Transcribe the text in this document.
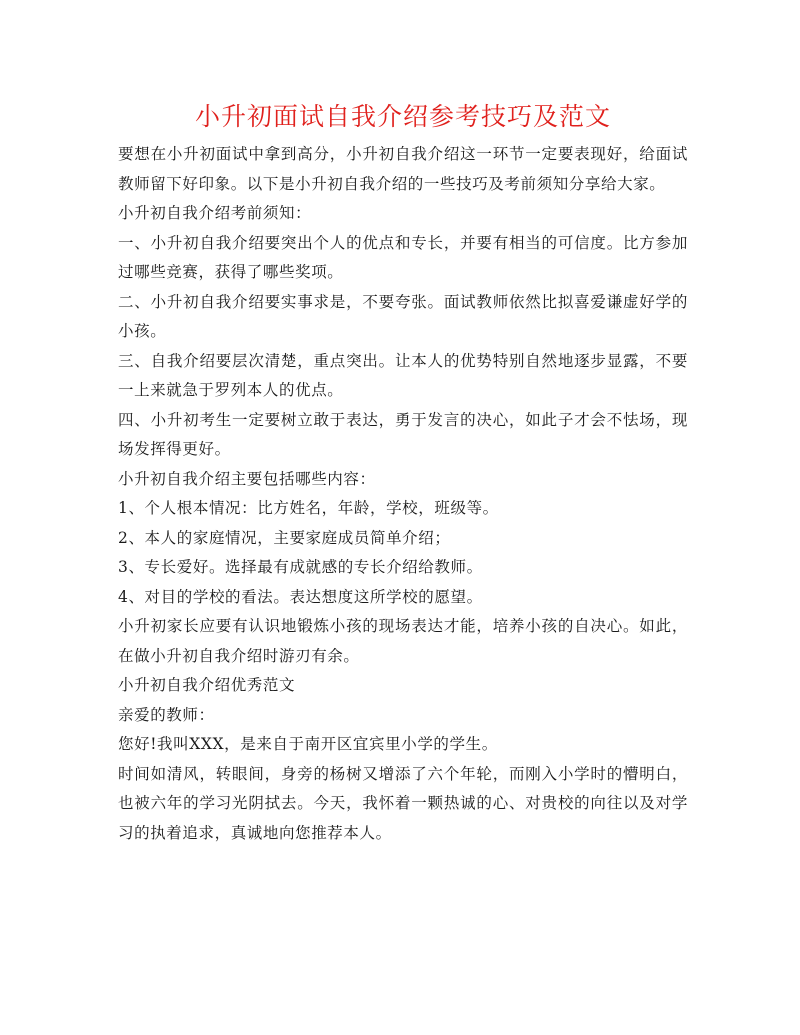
小升初面试自我介绍参考技巧及范文

要想在小升初面试中拿到高分，小升初自我介绍这一环节一定要表现好，给面试教师留下好印象。以下是小升初自我介绍的一些技巧及考前须知分享给大家。

小升初自我介绍考前须知：

一、小升初自我介绍要突出个人的优点和专长，并要有相当的可信度。比方参加过哪些竞赛，获得了哪些奖项。

二、小升初自我介绍要实事求是，不要夸张。面试教师依然比拟喜爱谦虚好学的小孩。

三、自我介绍要层次清楚，重点突出。让本人的优势特别自然地逐步显露，不要一上来就急于罗列本人的优点。

四、小升初考生一定要树立敢于表达，勇于发言的决心，如此子才会不怯场，现场发挥得更好。

小升初自我介绍主要包括哪些内容：

1、个人根本情况：比方姓名，年龄，学校，班级等。

2、本人的家庭情况，主要家庭成员简单介绍；

3、专长爱好。选择最有成就感的专长介绍给教师。

4、对目的学校的看法。表达想度这所学校的愿望。

小升初家长应要有认识地锻炼小孩的现场表达才能，培养小孩的自决心。如此，在做小升初自我介绍时游刃有余。

小升初自我介绍优秀范文

亲爱的教师：

您好!我叫XXX，是来自于南开区宜宾里小学的学生。

时间如清风，转眼间，身旁的杨树又增添了六个年轮，而刚入小学时的懵明白，也被六年的学习光阴拭去。今天，我怀着一颗热诚的心、对贵校的向往以及对学习的执着追求，真诚地向您推荐本人。
